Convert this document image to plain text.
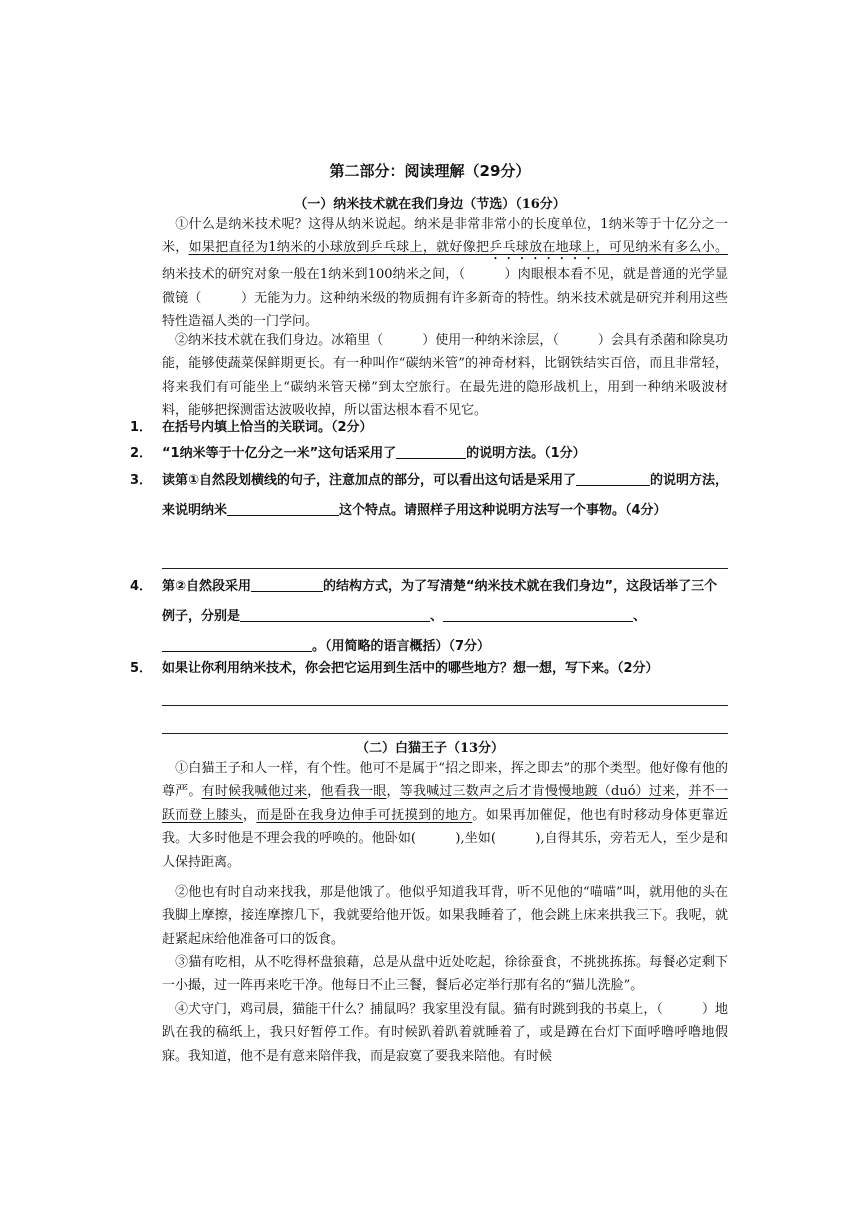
第二部分：阅读理解（29分）
（一）纳米技术就在我们身边（节选）（16分）

①什么是纳米技术呢？这得从纳米说起。纳米是非常非常小的长度单位，1纳米等于十亿分之一米，如果把直径为1纳米的小球放到乒乓球上，就好像把乒乓球放在地球上，可见纳米有多么小。纳米技术的研究对象一般在1纳米到100纳米之间，（　　　）肉眼根本看不见，就是普通的光学显微镜（　　　）无能为力。这种纳米级的物质拥有许多新奇的特性。纳米技术就是研究并利用这些特性造福人类的一门学问。

②纳米技术就在我们身边。冰箱里（　　　）使用一种纳米涂层，（　　　）会具有杀菌和除臭功能，能够使蔬菜保鲜期更长。有一种叫作“碳纳米管”的神奇材料，比钢铁结实百倍，而且非常轻，将来我们有可能坐上“碳纳米管天梯”到太空旅行。在最先进的隐形战机上，用到一种纳米吸波材料，能够把探测雷达波吸收掉，所以雷达根本看不见它。

1． 在括号内填上恰当的关联词。（2分）
2． “1纳米等于十亿分之一米”这句话采用了	的说明方法。（1分）
3． 读第①自然段划横线的句子，注意加点的部分，可以看出这句话是采用了	的说明方法，来说明纳米	这个特点。请照样子用这种说明方法写一个事物。（4分）
4． 第②自然段采用	的结构方式，为了写清楚“纳米技术就在我们身边”，这段话举了三个例子，分别是	、	、。（用简略的语言概括）（7分）
5． 如果让你利用纳米技术，你会把它运用到生活中的哪些地方？想一想，写下来。（2分）
（二）白猫王子（13分）

①白猫王子和人一样，有个性。他可不是属于“招之即来，挥之即去”的那个类型。他好像有他的尊严。有时候我喊他过来，他看我一眼，等我喊过三数声之后才肯慢慢地踱（duó）过来，并不一跃而登上膝头，而是卧在我身边伸手可抚摸到的地方。如果再加催促，他也有时移动身体更靠近我。大多时他是不理会我的呼唤的。他卧如(　　　),坐如(　　　),自得其乐，旁若无人，至少是和人保持距离。

②他也有时自动来找我，那是他饿了。他似乎知道我耳背，听不见他的“喵喵”叫，就用他的头在我脚上摩擦，接连摩擦几下，我就要给他开饭。如果我睡着了，他会跳上床来拱我三下。我呢，就赶紧起床给他准备可口的饭食。

③猫有吃相，从不吃得杯盘狼藉，总是从盘中近处吃起，徐徐蚕食，不挑挑拣拣。每餐必定剩下一小撮，过一阵再来吃干净。他每日不止三餐，餐后必定举行那有名的“猫儿洗脸”。

④犬守门，鸡司晨，猫能干什么？捕鼠吗？我家里没有鼠。猫有时跳到我的书桌上，（　　　）地趴在我的稿纸上，我只好暂停工作。有时候趴着趴着就睡着了，或是蹲在台灯下面呼噜呼噜地假寐。我知道，他不是有意来陪伴我，而是寂寞了要我来陪他。有时候
